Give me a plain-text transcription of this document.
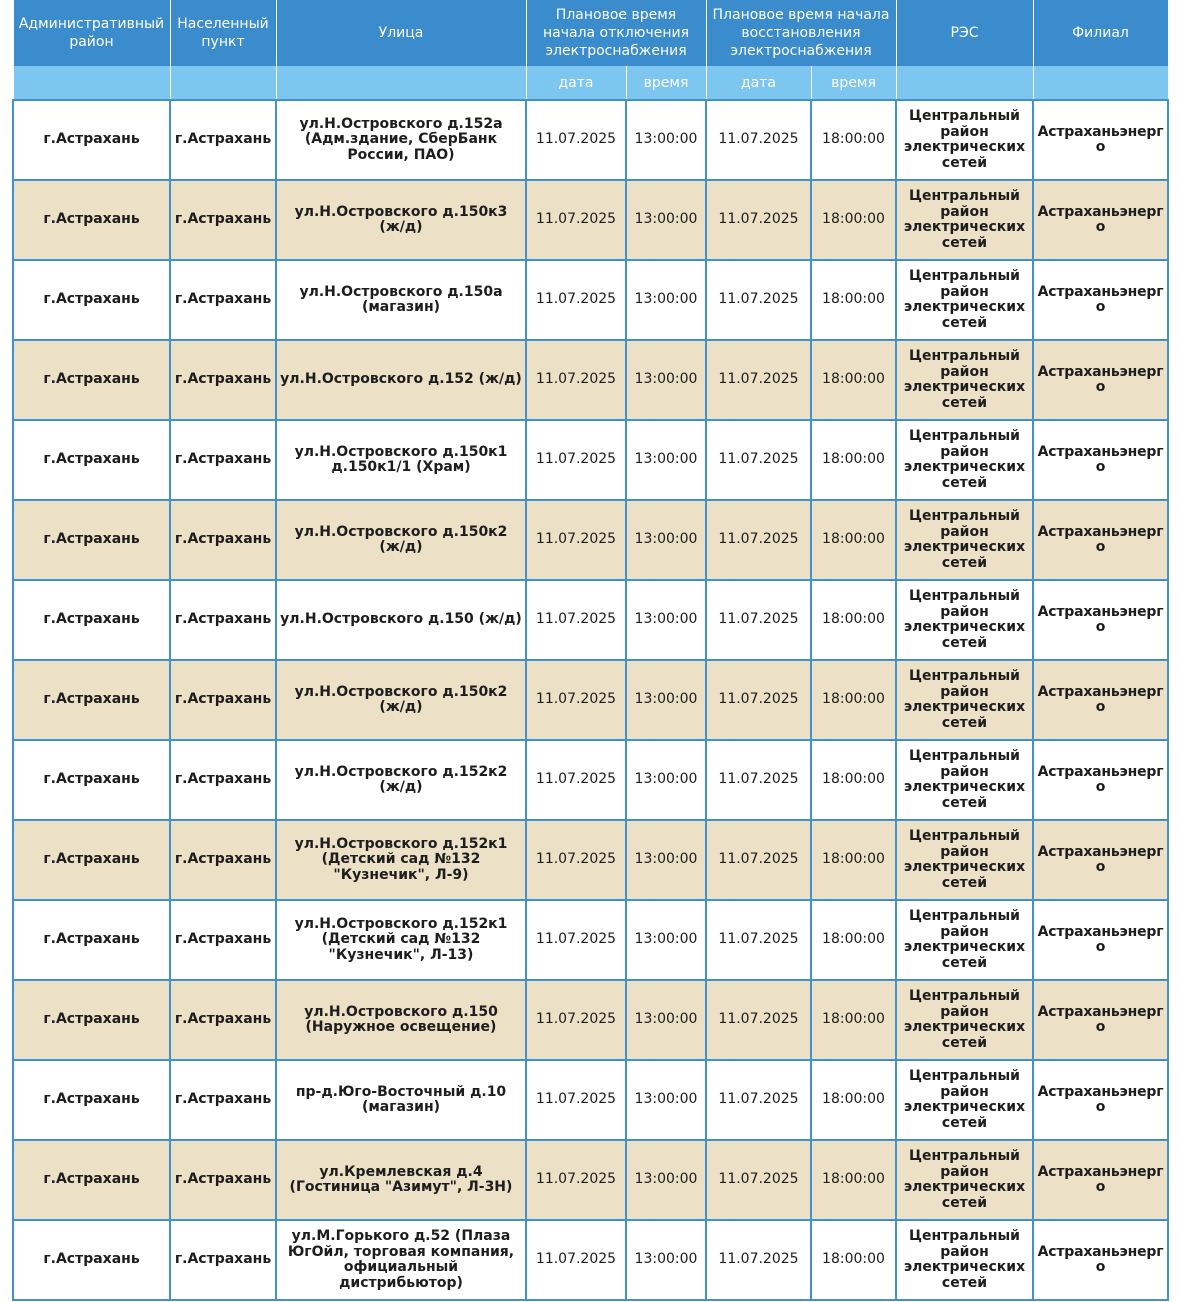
Административный район	Населенный пункт	Улица	Плановое время начала отключения электроснабжения		Плановое время начала восстановления электроснабжения		РЭС	Филиал
			дата	время	дата	время		
г.Астрахань	г.Астрахань	ул.Н.Островского д.152а (Адм.здание, СберБанк России, ПАО)	11.07.2025	13:00:00	11.07.2025	18:00:00	Центральный район электрических сетей	Астраханьэнерго
г.Астрахань	г.Астрахань	ул.Н.Островского д.150к3 (ж/д)	11.07.2025	13:00:00	11.07.2025	18:00:00	Центральный район электрических сетей	Астраханьэнерго
г.Астрахань	г.Астрахань	ул.Н.Островского д.150а (магазин)	11.07.2025	13:00:00	11.07.2025	18:00:00	Центральный район электрических сетей	Астраханьэнерго
г.Астрахань	г.Астрахань	ул.Н.Островского д.152 (ж/д)	11.07.2025	13:00:00	11.07.2025	18:00:00	Центральный район электрических сетей	Астраханьэнерго
г.Астрахань	г.Астрахань	ул.Н.Островского д.150к1 д.150к1/1 (Храм)	11.07.2025	13:00:00	11.07.2025	18:00:00	Центральный район электрических сетей	Астраханьэнерго
г.Астрахань	г.Астрахань	ул.Н.Островского д.150к2 (ж/д)	11.07.2025	13:00:00	11.07.2025	18:00:00	Центральный район электрических сетей	Астраханьэнерго
г.Астрахань	г.Астрахань	ул.Н.Островского д.150 (ж/д)	11.07.2025	13:00:00	11.07.2025	18:00:00	Центральный район электрических сетей	Астраханьэнерго
г.Астрахань	г.Астрахань	ул.Н.Островского д.150к2 (ж/д)	11.07.2025	13:00:00	11.07.2025	18:00:00	Центральный район электрических сетей	Астраханьэнерго
г.Астрахань	г.Астрахань	ул.Н.Островского д.152к2 (ж/д)	11.07.2025	13:00:00	11.07.2025	18:00:00	Центральный район электрических сетей	Астраханьэнерго
г.Астрахань	г.Астрахань	ул.Н.Островского д.152к1 (Детский сад №132 "Кузнечик", Л-9)	11.07.2025	13:00:00	11.07.2025	18:00:00	Центральный район электрических сетей	Астраханьэнерго
г.Астрахань	г.Астрахань	ул.Н.Островского д.152к1 (Детский сад №132 "Кузнечик", Л-13)	11.07.2025	13:00:00	11.07.2025	18:00:00	Центральный район электрических сетей	Астраханьэнерго
г.Астрахань	г.Астрахань	ул.Н.Островского д.150 (Наружное освещение)	11.07.2025	13:00:00	11.07.2025	18:00:00	Центральный район электрических сетей	Астраханьэнерго
г.Астрахань	г.Астрахань	пр-д.Юго-Восточный д.10 (магазин)	11.07.2025	13:00:00	11.07.2025	18:00:00	Центральный район электрических сетей	Астраханьэнерго
г.Астрахань	г.Астрахань	ул.Кремлевская д.4 (Гостиница "Азимут", Л-3Н)	11.07.2025	13:00:00	11.07.2025	18:00:00	Центральный район электрических сетей	Астраханьэнерго
г.Астрахань	г.Астрахань	ул.М.Горького д.52 (Плаза ЮгОйл, торговая компания, официальный дистрибьютор)	11.07.2025	13:00:00	11.07.2025	18:00:00	Центральный район электрических сетей	Астраханьэнерго
